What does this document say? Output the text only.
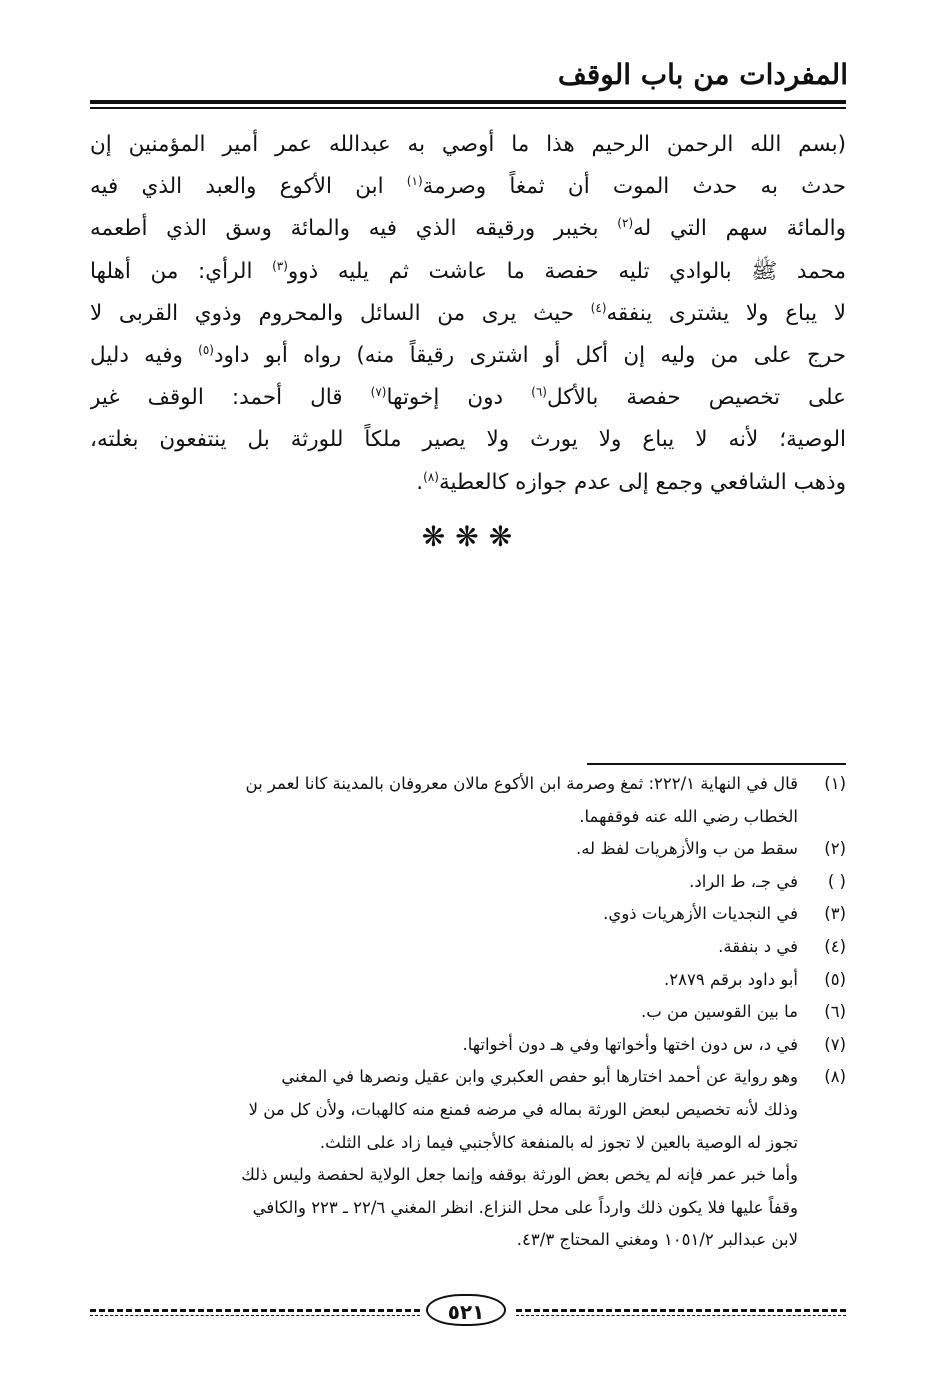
المفردات من باب الوقف
(بسم الله الرحمن الرحيم هذا ما أوصي به عبدالله عمر أمير المؤمنين إن
حدث به حدث الموت أن ثمغاً وصرمة$^{(١)}$ ابن الأكوع والعبد الذي فيه
والمائة سهم التي له$^{(٢)}$ بخيبر ورقيقه الذي فيه والمائة وسق الذي أطعمه
محمد ﷺ بالوادي تليه حفصة ما عاشت ثم يليه ذوو$^{(٣)}$ الرأي: من أهلها
لا يباع ولا يشترى ينفقه$^{(٤)}$ حيث يرى من السائل والمحروم وذوي القربى لا
حرج على من وليه إن أكل أو اشترى رقيقاً منه) رواه أبو داود$^{(٥)}$ وفيه دليل
على تخصيص حفصة بالأكل$^{(٦)}$ دون إخوتها$^{(٧)}$ قال أحمد: الوقف غير
الوصية؛ لأنه لا يباع ولا يورث ولا يصير ملكاً للورثة بل ينتفعون بغلته،
وذهب الشافعي وجمع إلى عدم جوازه كالعطية$^{(٨)}$.
❋❋❋
(١)
قال في النهاية ٢٢٢/١: ثمغ وصرمة ابن الأكوع مالان معروفان بالمدينة كانا لعمر بن
الخطاب رضي الله عنه فوقفهما.
(٢)
سقط من ب والأزهريات لفظ له.
( )
في جـ، ط الراد.
(٣)
في النجديات الأزهريات ذوي.
(٤)
في د بنفقة.
(٥)
أبو داود برقم ٢٨٧٩.
(٦)
ما بين القوسين من ب.
(٧)
في د، س دون اختها وأخواتها وفي هـ دون أخواتها.
(٨)
وهو رواية عن أحمد اختارها أبو حفص العكبري وابن عقيل ونصرها في المغني
وذلك لأنه تخصيص لبعض الورثة بماله في مرضه فمنع منه كالهبات، ولأن كل من لا
تجوز له الوصية بالعين لا تجوز له بالمنفعة كالأجنبي فيما زاد على الثلث.
وأما خبر عمر فإنه لم يخص بعض الورثة بوقفه وإنما جعل الولاية لحفصة وليس ذلك
وقفاً عليها فلا يكون ذلك وارداً على محل النزاع. انظر المغني ٢٢/٦ ـ ٢٢٣ والكافي
لابن عبدالبر ١٠٥١/٢ ومغني المحتاج ٤٣/٣.
٥٢١
